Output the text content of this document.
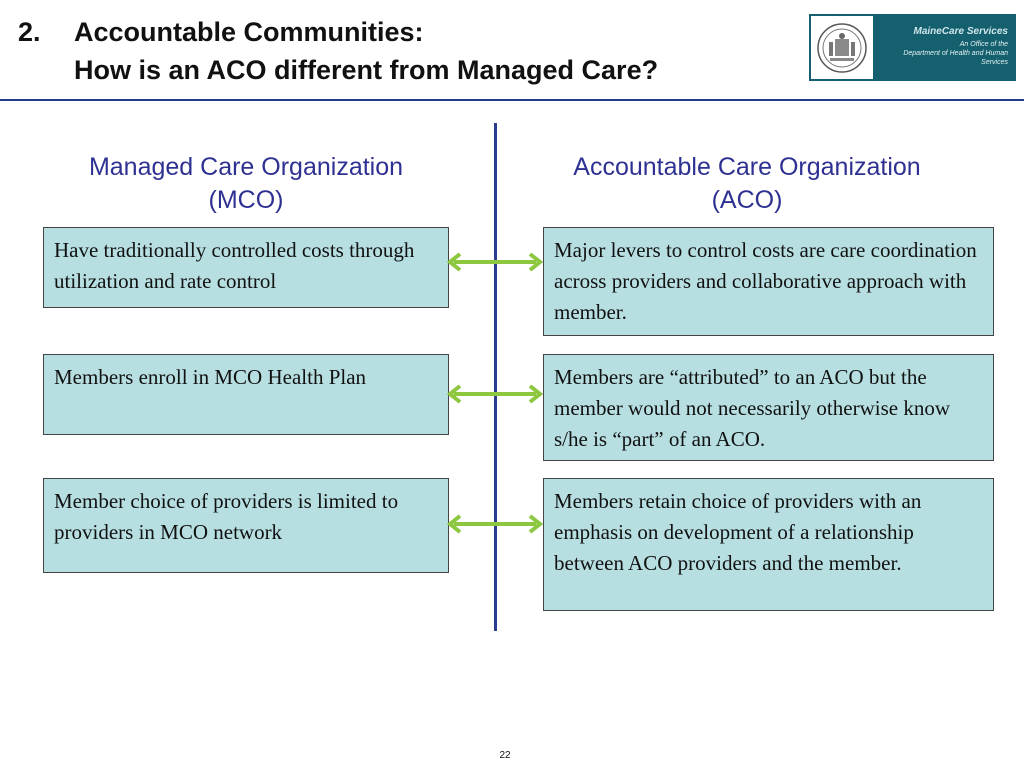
2.	Accountable Communities:
How is an ACO different from Managed Care?
MaineCare Services
An Office of the
Department of Health and Human Services
Managed Care Organization
(MCO)
Accountable Care Organization
(ACO)
Have traditionally controlled costs through utilization and rate control
Major levers to control costs are care coordination across providers and collaborative approach with member.
Members enroll in MCO Health Plan	Members are “attributed” to an ACO but the member would not necessarily otherwise know s/he is “part” of an ACO.
Member choice of providers is limited to providers in MCO network
Members retain choice of providers with an emphasis on development of a relationship between ACO providers and the member.
22
